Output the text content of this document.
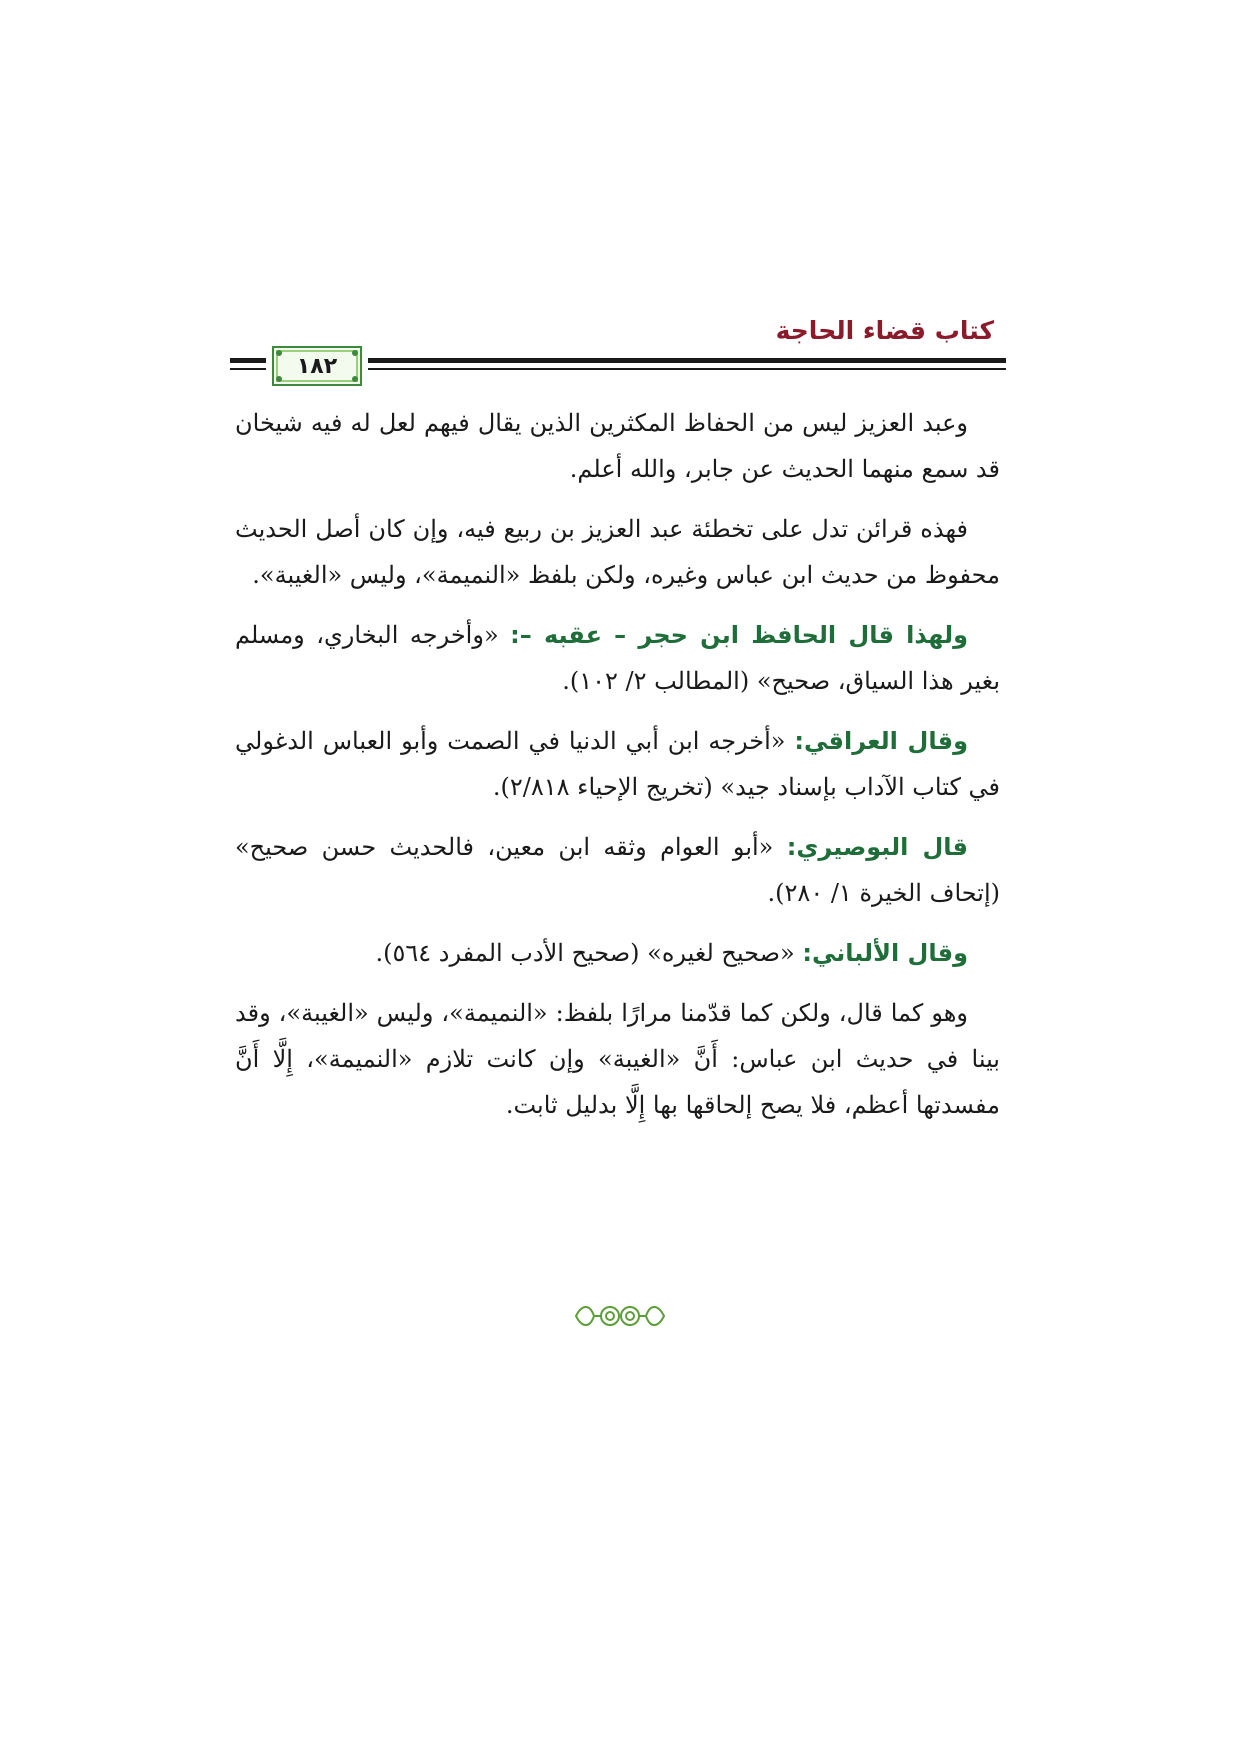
كتاب قضاء الحاجة
١٨٢

وعبد العزيز ليس من الحفاظ المكثرين الذين يقال فيهم لعل له فيه شيخان قد سمع منهما الحديث عن جابر، والله أعلم.

فهذه قرائن تدل على تخطئة عبد العزيز بن ربيع فيه، وإن كان أصل الحديث محفوظ من حديث ابن عباس وغيره، ولكن بلفظ «النميمة»، وليس «الغيبة».

ولهذا قال الحافظ ابن حجر – عقبه –: «وأخرجه البخاري، ومسلم بغير هذا السياق، صحيح» (المطالب ٢/ ١٠٢).

وقال العراقي: «أخرجه ابن أبي الدنيا في الصمت وأبو العباس الدغولي في كتاب الآداب بإسناد جيد» (تخريج الإحياء ٢/٨١٨).

قال البوصيري: «أبو العوام وثقه ابن معين، فالحديث حسن صحيح» (إتحاف الخيرة ١/ ٢٨٠).

وقال الألباني: «صحيح لغيره» (صحيح الأدب المفرد ٥٦٤).

وهو كما قال، ولكن كما قدّمنا مرارًا بلفظ: «النميمة»، وليس «الغيبة»، وقد بينا في حديث ابن عباس: أَنَّ «الغيبة» وإن كانت تلازم «النميمة»، إِلَّا أَنَّ مفسدتها أعظم، فلا يصح إلحاقها بها إِلَّا بدليل ثابت.
